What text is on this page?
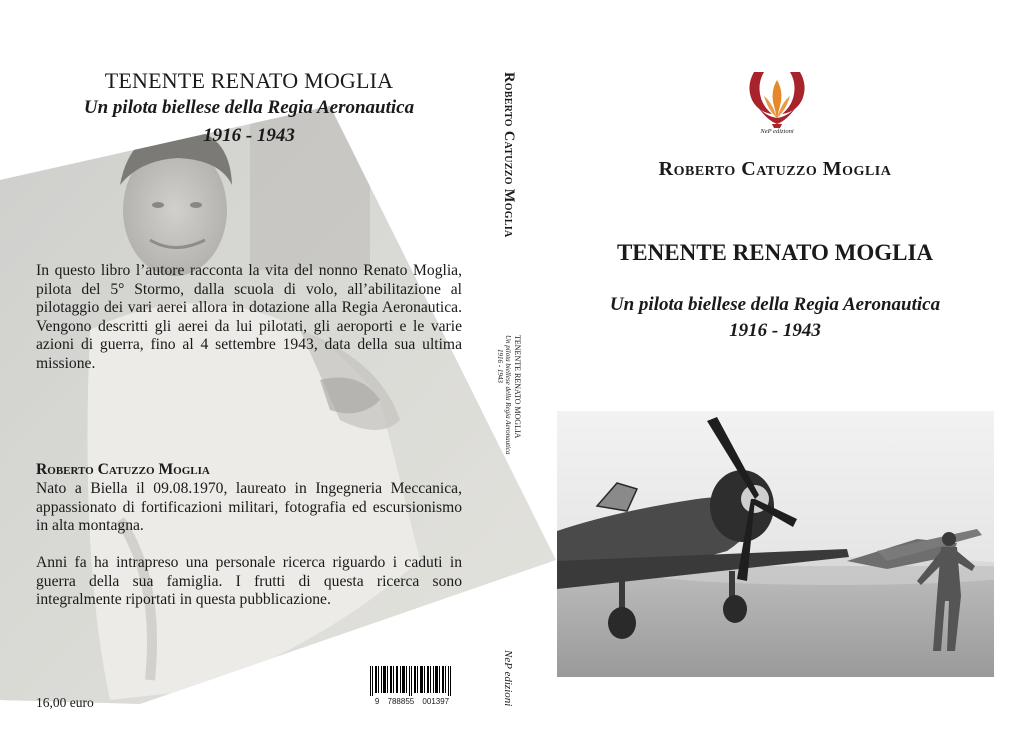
TENENTE RENATO MOGLIA
Un pilota biellese della Regia Aeronautica
1916 - 1943
In questo libro l’autore racconta la vita del nonno Renato Moglia, pilota del 5° Stormo, dalla scuola di volo, all’abilitazione al pilotaggio dei vari aerei allora in dotazione alla Regia Aeronautica. Vengono descritti gli aerei da lui pilotati, gli aeroporti e le varie azioni di guerra, fino al 4 settembre 1943, data della sua ultima missione.
Roberto Catuzzo Moglia
Nato a Biella il 09.08.1970, laureato in Ingegneria Meccanica, appassionato di fortificazioni militari, fotografia ed escursionismo in alta montagna.
Anni fa ha intrapreso una personale ricerca riguardo i caduti in guerra della sua famiglia. I frutti di questa ricerca sono integralmente riportati in questa pubblicazione.
16,00 euro	9 788855 001397
Roberto Catuzzo Moglia
TENENTE RENATO MOGLIA
Un pilota biellese della Regia Aeronautica
1916 - 1943
NeP edizioni
NeP edizioni
Roberto Catuzzo Moglia
TENENTE RENATO MOGLIA
Un pilota biellese della Regia Aeronautica
1916 - 1943
